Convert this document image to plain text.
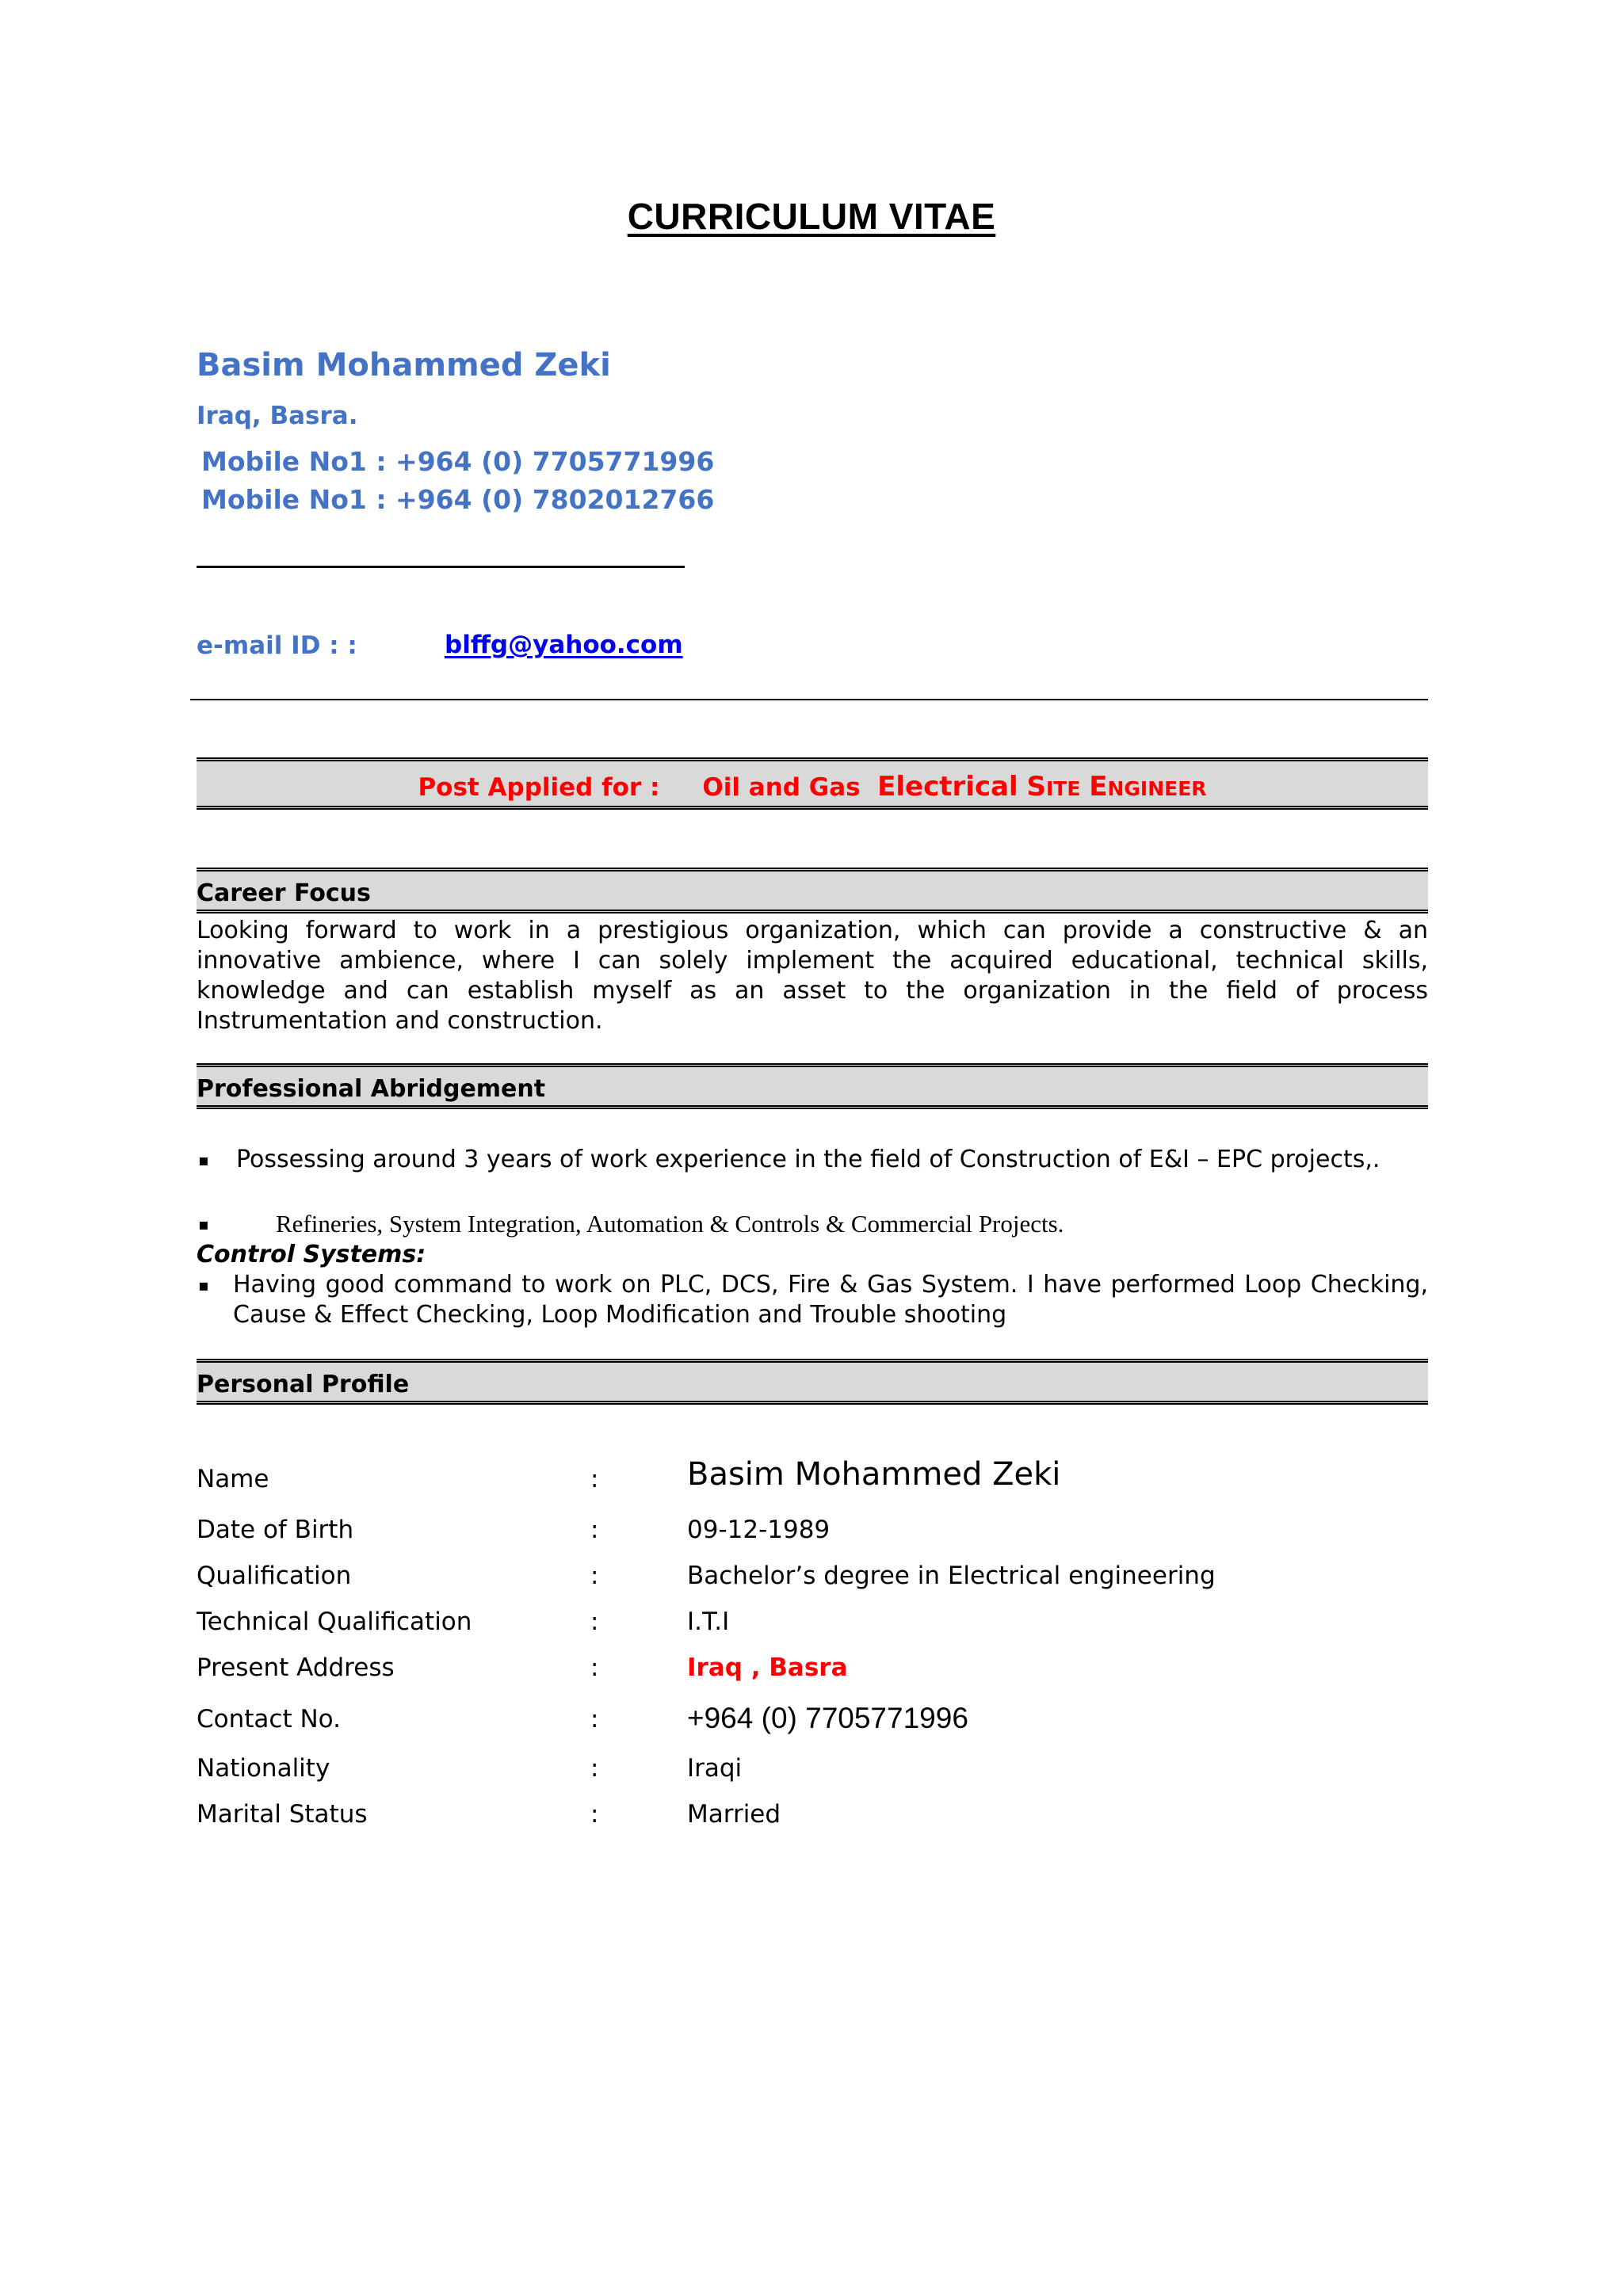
CURRICULUM VITAE
Basim Mohammed Zeki
Iraq, Basra.
Mobile No1 : +964 (0) 7705771996
Mobile No1 : +964 (0) 7802012766
e-mail ID : :	blffg@yahoo.com
Post Applied for : Oil and Gas Electrical SITE ENGINEER
Career Focus
Looking forward to work in a prestigious organization, which can provide a constructive & an innovative ambience, where I can solely implement the acquired educational, technical skills, knowledge and can establish myself as an asset to the organization in the field of process Instrumentation and construction.
Professional Abridgement
▪ Possessing around 3 years of work experience in the field of Construction of E&I – EPC projects,.
▪	Refineries, System Integration, Automation & Controls & Commercial Projects.
Control Systems:
▪ Having good command to work on PLC, DCS, Fire & Gas System. I have performed Loop Checking, Cause & Effect Checking, Loop Modification and Trouble shooting
Personal Profile
Name	:	Basim Mohammed Zeki
Date of Birth	:	09-12-1989
Qualification	:	Bachelor’s degree in Electrical engineering
Technical Qualification	:	I.T.I
Present Address	:	Iraq , Basra
Contact No.	:	+964 (0) 7705771996
Nationality	:	Iraqi
Marital Status	:	Married
